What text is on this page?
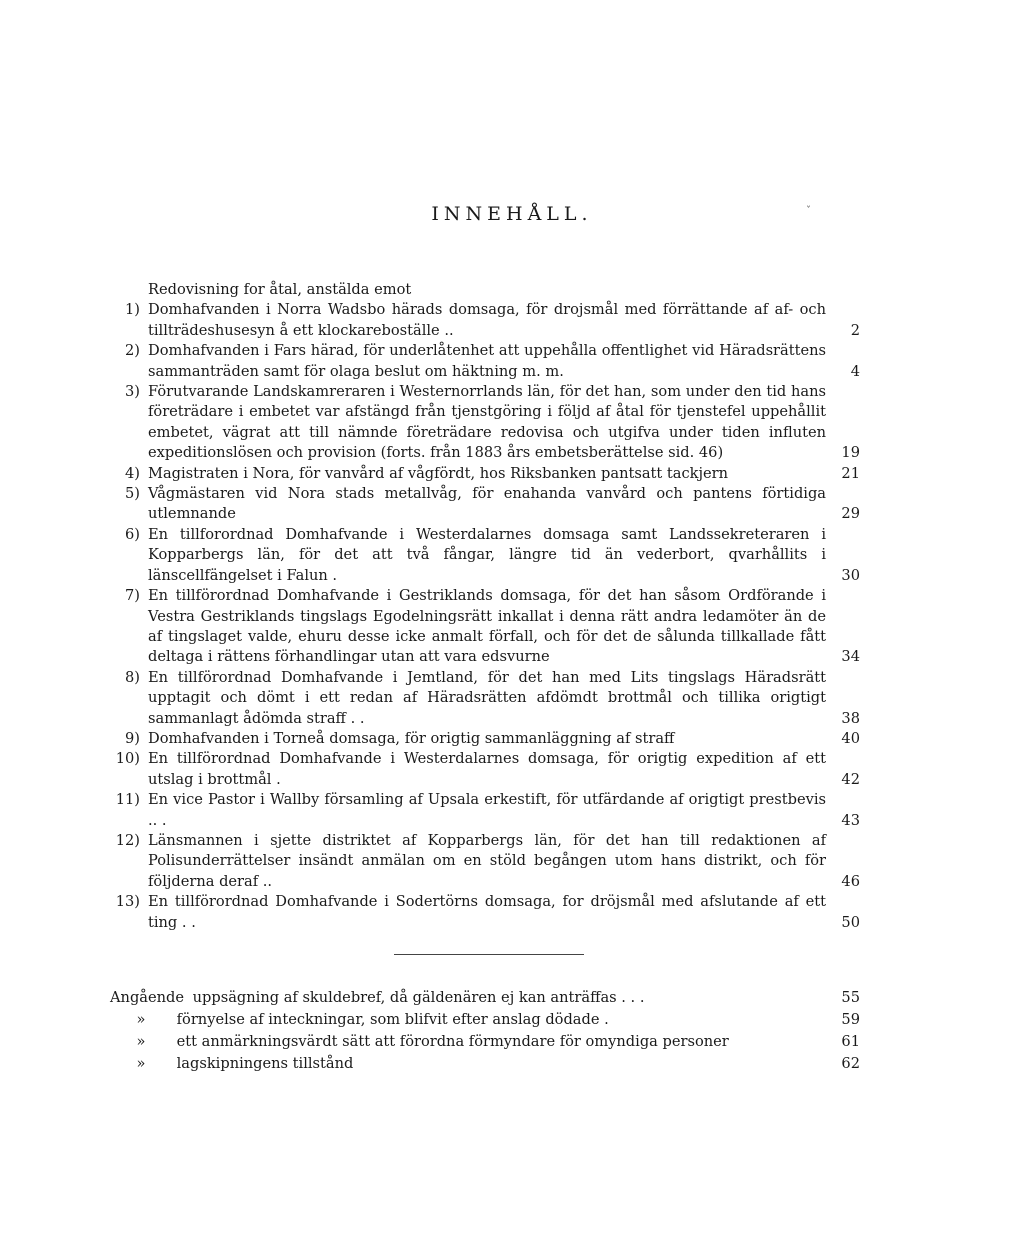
INNEHÅLL.	ˇ
Redovisning for åtal, anstälda emot
1) Domhafvanden i Norra Wadsbo härads domsaga, för drojsmål med förrättande af af- och tillträdeshusesyn å ett klockareboställe ..	2
2) Domhafvanden i Fars härad, för underlåtenhet att uppehålla offentlighet vid Häradsrättens sammanträden samt för olaga beslut om häktning m. m.	4
3) Förutvarande Landskamreraren i Westernorrlands län, för det han, som under den tid hans företrädare i embetet var afstängd från tjenstgöring i följd af åtal för tjenstefel uppehållit embetet, vägrat att till nämnde företrädare redovisa och utgifva under tiden influten expeditionslösen och provision (forts. från 1883 års embetsberättelse sid. 46)	19
4) Magistraten i Nora, för vanvård af vågfördt, hos Riksbanken pantsatt tackjern	21
5) Vågmästaren vid Nora stads metallvåg, för enahanda vanvård och pantens förtidiga utlemnande	29
6) En tillforordnad Domhafvande i Westerdalarnes domsaga samt Landssekreteraren i Kopparbergs län, för det att två fångar, längre tid än vederbort, qvarhållits i länscellfängelset i Falun .	30
7) En tillförordnad Domhafvande i Gestriklands domsaga, för det han såsom Ordförande i Vestra Gestriklands tingslags Egodelningsrätt inkallat i denna rätt andra ledamöter än de af tingslaget valde, ehuru desse icke anmalt förfall, och för det de sålunda tillkallade fått deltaga i rättens förhandlingar utan att vara edsvurne	34
8) En tillförordnad Domhafvande i Jemtland, för det han med Lits tingslags Häradsrätt upptagit och dömt i ett redan af Häradsrätten afdömdt brottmål och tillika origtigt sammanlagt ådömda straff . .	38
9) Domhafvanden i Torneå domsaga, för origtig sammanläggning af straff	40
10) En tillförordnad Domhafvande i Westerdalarnes domsaga, för origtig expedition af ett utslag i brottmål .	42
11) En vice Pastor i Wallby församling af Upsala erkestift, för utfärdande af origtigt prestbevis .. .	43
12) Länsmannen i sjette distriktet af Kopparbergs län, för det han till redaktionen af Polisunderrättelser insändt anmälan om en stöld begången utom hans distrikt, och för följderna deraf ..	46
13) En tillförordnad Domhafvande i Sodertörns domsaga, for dröjsmål med afslutande af ett ting . .	50
Angående uppsägning af skuldebref, då gäldenären ej kan anträffas . . .	55
» förnyelse af inteckningar, som blifvit efter anslag dödade .	59
» ett anmärkningsvärdt sätt att förordna förmyndare för omyndiga personer	61
» lagskipningens tillstånd	62
